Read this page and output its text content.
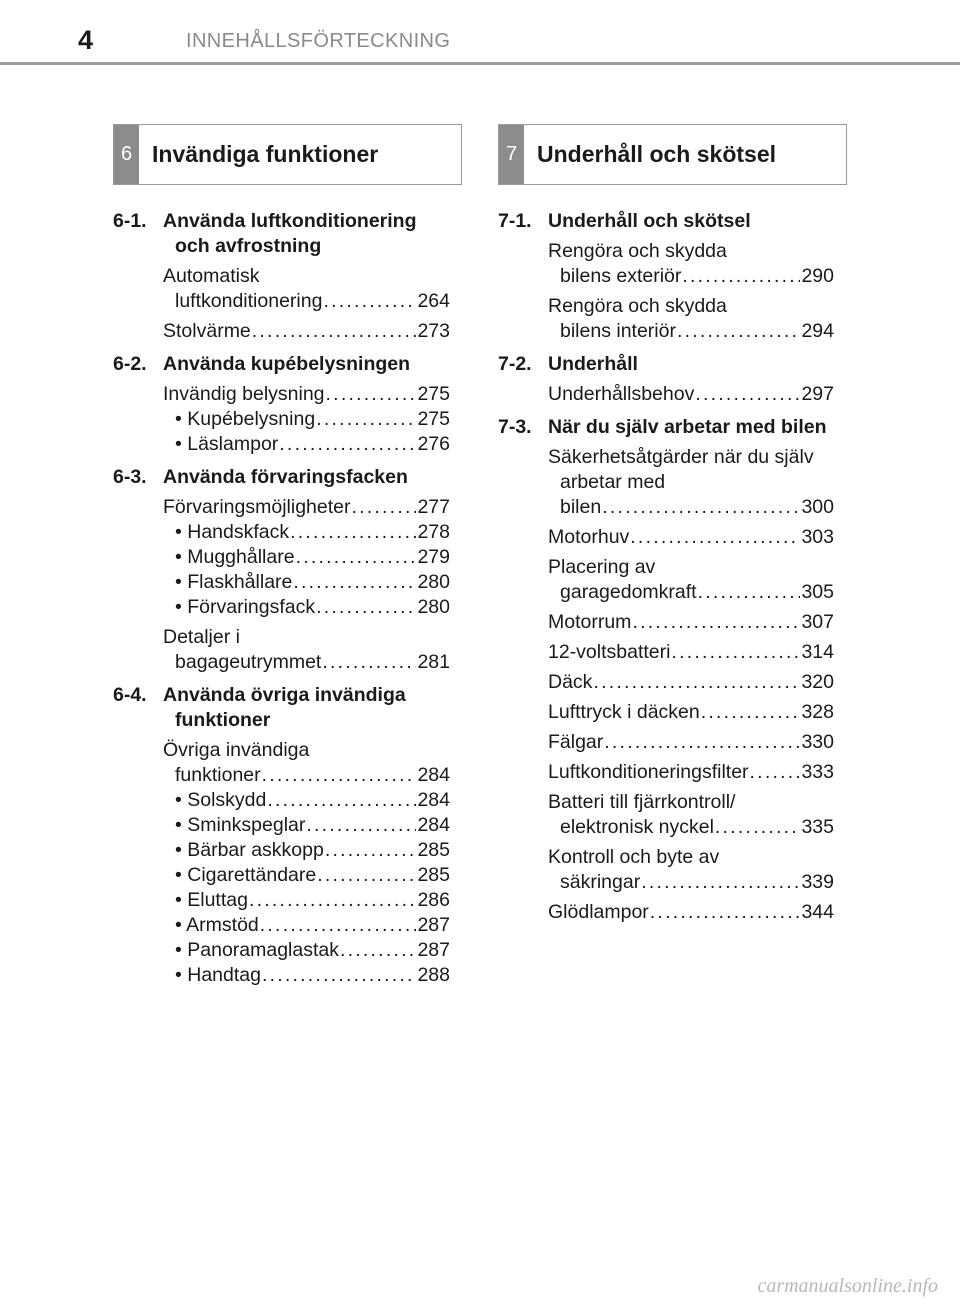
4	INNEHÅLLSFÖRTECKNING
6 Invändiga funktioner	7 Underhåll och skötsel
6-1. Använda luftkonditionering och avfrostning
Automatisk
luftkonditionering . . .	264
Stolvärme . . .	273
6-2. Använda kupébelysningen
Invändig belysning . . .	275
• Kupébelysning . . .	275
• Läslampor . . .	276
6-3. Använda förvaringsfacken
Förvaringsmöjligheter . . .	277
• Handskfack . . .	278
• Mugghållare . . .	279
• Flaskhållare . . .	280
• Förvaringsfack . . .	280
Detaljer i
bagageutrymmet . . .	281
6-4. Använda övriga invändiga funktioner
Övriga invändiga
funktioner . . .	284
• Solskydd . . .	284
• Sminkspeglar . . .	284
• Bärbar askkopp . . .	285
• Cigarettändare . . .	285
• Eluttag . . .	286
• Armstöd . . .	287
• Panoramaglastak . . .	287
• Handtag . . .	288
7-1. Underhåll och skötsel
Rengöra och skydda
bilens exteriör . . .	290
Rengöra och skydda
bilens interiör . . .	294
7-2. Underhåll
Underhållsbehov . . .	297
7-3. När du själv arbetar med bilen
Säkerhetsåtgärder när du själv arbetar med
bilen . . .	300
Motorhuv . . .	303
Placering av
garagedomkraft . . .	305
Motorrum . . .	307
12-voltsbatteri . . .	314
Däck . . .	320
Lufttryck i däcken . . .	328
Fälgar . . .	330
Luftkonditioneringsfilter . . .	333
Batteri till fjärrkontroll/
elektronisk nyckel . . .	335
Kontroll och byte av
säkringar . . .	339
Glödlampor . . .	344
carmanualsonline.info
